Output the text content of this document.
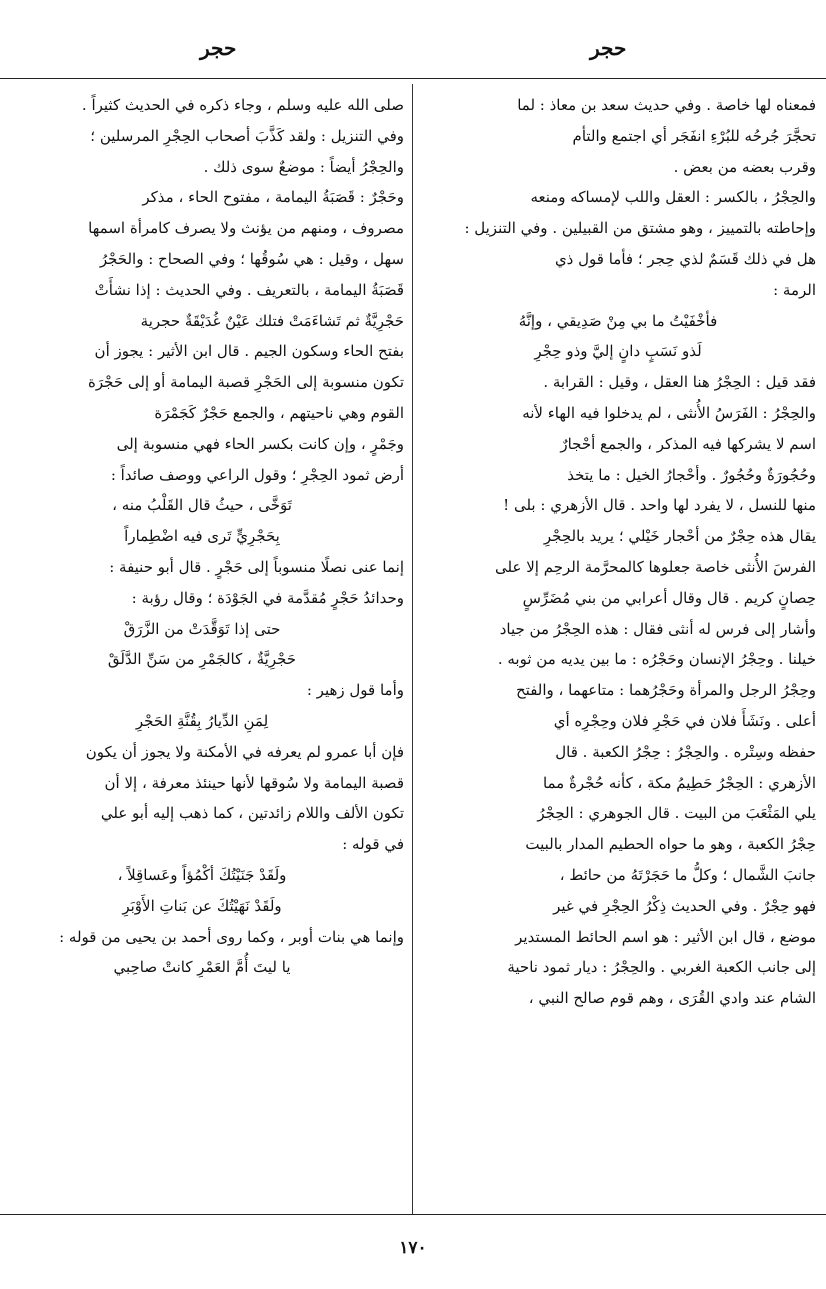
حجر
حجر
فمعناه لها خاصة . وفي حديث سعد بن معاذ : لما
تحجَّرَ جُرحُه للبُرْءِ انفَجَر أي اجتمع والتأم
وقرب بعضه من بعض .
والحِجْرُ ، بالكسر : العقل واللب لإمساكه ومنعه
وإحاطته بالتمييز ، وهو مشتق من القبيلين . وفي التنزيل :
هل في ذلك قَسَمٌ لذي حِجر ؛ فأما قول ذي
الرمة :
فأخْفَيْتُ ما بي مِنْ صَدِيقي ، وإنَّهُ
لَذو نَسَبٍ دانٍ إليَّ وذو حِجْرِ
فقد قيل : الحِجْرُ هنا العقل ، وقيل : القرابة .
والحِجْرُ : الفَرَسُ الأُنثى ، لم يدخلوا فيه الهاء لأنه
اسم لا يشركها فيه المذكر ، والجمع أحْجارٌ
وحُجُورَةٌ وحُجُورٌ . وأحْجارُ الخيل : ما يتخذ
منها للنسل ، لا يفرد لها واحد . قال الأزهري : بلى !
يقال هذه حِجْرٌ من أحْجار خَيْلي ؛ يريد بالحِجْرِ
الفرسَ الأُنثى خاصة جعلوها كالمحرَّمة الرحِم إلا على
حِصانٍ كريم . قال وقال أعرابي من بني مُضَرِّسٍ
وأشار إلى فرس له أنثى فقال : هذه الحِجْرُ من جياد
خيلنا . وحِجْرُ الإنسان وحَجْرُه : ما بين يديه من ثوبه .
وحِجْرُ الرجل والمرأة وحَجْرُهما : متاعهما ، والفتح
أعلى . ونَشَأَ فلان في حَجْرِ فلان وحِجْرِه أي
حفظه وسِتْره . والحِجْرُ : حِجْرُ الكعبة . قال
الأزهري : الحِجْرُ حَطِيمُ مكة ، كأنه حُجْرةٌ مما
يلي المَثْعَبَ من البيت . قال الجوهري : الحِجْرُ
حِجْرُ الكعبة ، وهو ما حواه الحطيم المدار بالبيت
جانبَ الشَّمال ؛ وكلُّ ما حَجَرْتَهُ من حائط ،
فهو حِجْرٌ . وفي الحديث ذِكْرُ الحِجْرِ في غير
موضع ، قال ابن الأثير : هو اسم الحائط المستدير
إلى جانب الكعبة الغربي . والحِجْرُ : ديار ثمود ناحية
الشام عند وادي القُرَى ، وهم قوم صالح النبي ،
صلى الله عليه وسلم ، وجاء ذكره في الحديث كثيراً .
وفي التنزيل : ولقد كَذَّبَ أصحاب الحِجْرِ المرسلين ؛
والحِجْرُ أيضاً : موضعٌ سوى ذلك .
وحَجْرٌ : قَصَبَةُ اليمامة ، مفتوح الحاء ، مذكر
مصروف ، ومنهم من يؤنث ولا يصرف كامرأة اسمها
سهل ، وقيل : هي سُوقُها ؛ وفي الصحاح : والحَجْرُ
قَصَبَةُ اليمامة ، بالتعريف . وفي الحديث : إذا نشأَتْ
حَجْرِيَّةٌ ثم تَشاءَمَتْ فتلك عَيْنٌ غُدَيْقَةٌ حجرية
بفتح الحاء وسكون الجيم . قال ابن الأثير : يجوز أن
تكون منسوبة إلى الحَجْرِ قصبة اليمامة أو إلى حَجْرَة
القوم وهي ناحيتهم ، والجمع حَجْرٌ كَجَمْرَة
وجَمْرٍ ، وإن كانت بكسر الحاء فهي منسوبة إلى
أرض ثمود الحِجْرِ ؛ وقول الراعي ووصف صائداً :
تَوَخَّى ، حيثُ قال القَلْبُ منه ،
بِحَجْرِيٍّ تَرى فيه اضْطِماراً
إنما عنى نصلًا منسوباً إلى حَجْرٍ . قال أبو حنيفة :
وحدائدُ حَجْرٍ مُقدَّمة في الجَوْدَة ؛ وقال رؤبة :
حتى إذا تَوَقَّدَتْ من الزَّرَقْ
حَجْرِيَّةٌ ، كالجَمْرِ من سَنِّ الدَّلَقْ
وأما قول زهير :
لِمَنِ الدِّيارُ بِقُنَّةِ الحَجْرِ
فإن أبا عمرو لم يعرفه في الأمكنة ولا يجوز أن يكون
قصبة اليمامة ولا سُوقها لأنها حينئذ معرفة ، إلا أن
تكون الألف واللام زائدتين ، كما ذهب إليه أبو علي
في قوله :
ولَقَدْ جَنَيْتُكَ أكْمُؤاً وعَساقِلاً ،
ولَقَدْ نَهَيْتُكَ عن بَناتِ الأَوْبَرِ
وإنما هي بنات أوبر ، وكما روى أحمد بن يحيى من قوله :
يا ليتَ أُمَّ العَمْرِ كانتْ صاحِبي
١٧٠
